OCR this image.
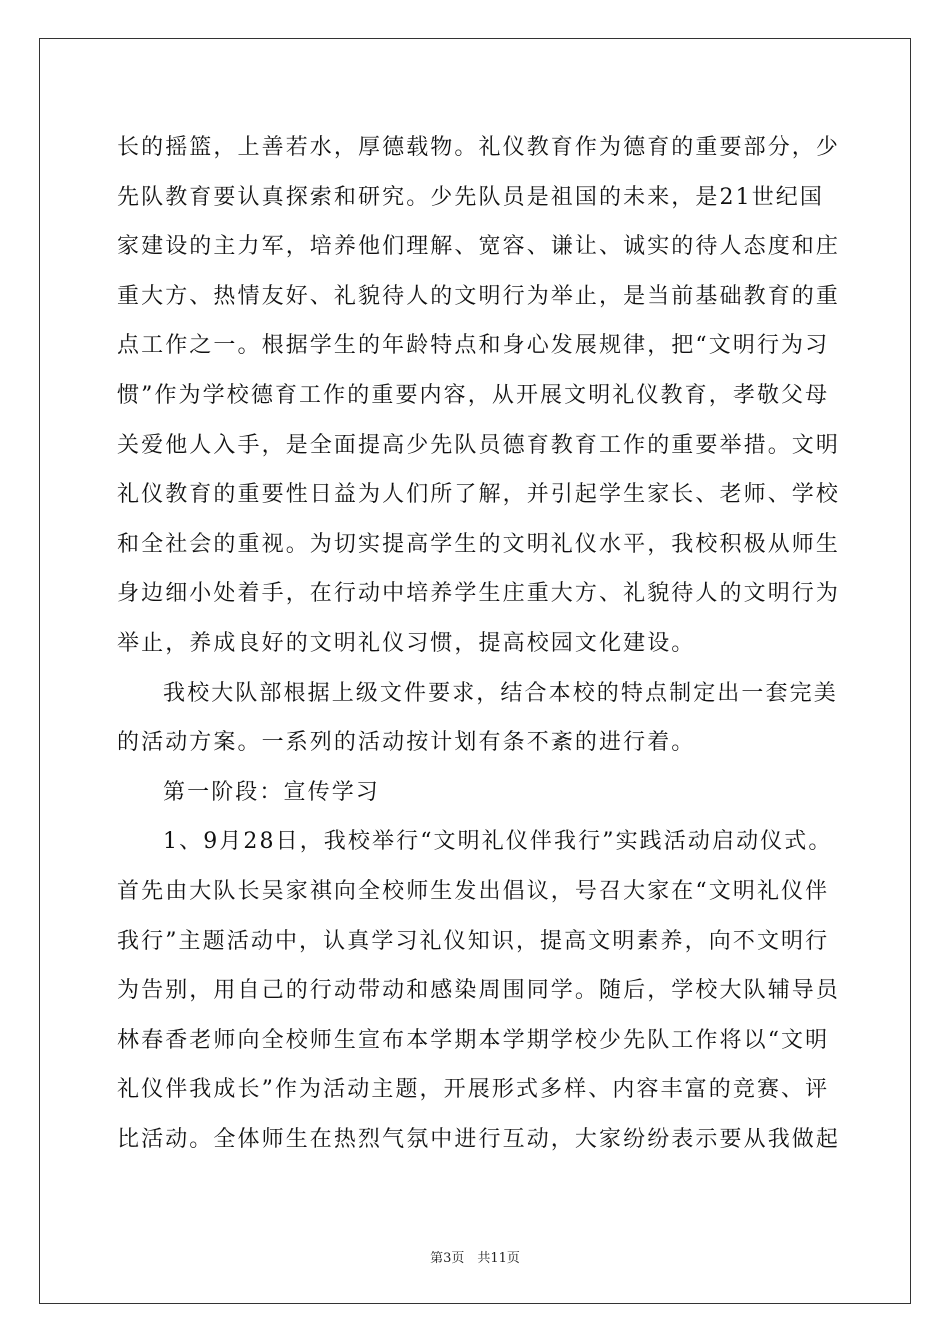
长的摇篮，上善若水，厚德载物。礼仪教育作为德育的重要部分，少
先队教育要认真探索和研究。少先队员是祖国的未来，是21世纪国
家建设的主力军，培养他们理解、宽容、谦让、诚实的待人态度和庄
重大方、热情友好、礼貌待人的文明行为举止，是当前基础教育的重
点工作之一。根据学生的年龄特点和身心发展规律，把“文明行为习
惯”作为学校德育工作的重要内容，从开展文明礼仪教育，孝敬父母
关爱他人入手，是全面提高少先队员德育教育工作的重要举措。文明
礼仪教育的重要性日益为人们所了解，并引起学生家长、老师、学校
和全社会的重视。为切实提高学生的文明礼仪水平，我校积极从师生
身边细小处着手，在行动中培养学生庄重大方、礼貌待人的文明行为
举止，养成良好的文明礼仪习惯，提高校园文化建设。
我校大队部根据上级文件要求，结合本校的特点制定出一套完美
的活动方案。一系列的活动按计划有条不紊的进行着。
第一阶段：宣传学习
1、9月28日，我校举行“文明礼仪伴我行”实践活动启动仪式。
首先由大队长吴家祺向全校师生发出倡议，号召大家在“文明礼仪伴
我行”主题活动中，认真学习礼仪知识，提高文明素养，向不文明行
为告别，用自己的行动带动和感染周围同学。随后，学校大队辅导员
林春香老师向全校师生宣布本学期本学期学校少先队工作将以“文明
礼仪伴我成长”作为活动主题，开展形式多样、内容丰富的竞赛、评
比活动。全体师生在热烈气氛中进行互动，大家纷纷表示要从我做起
第3页　共11页
